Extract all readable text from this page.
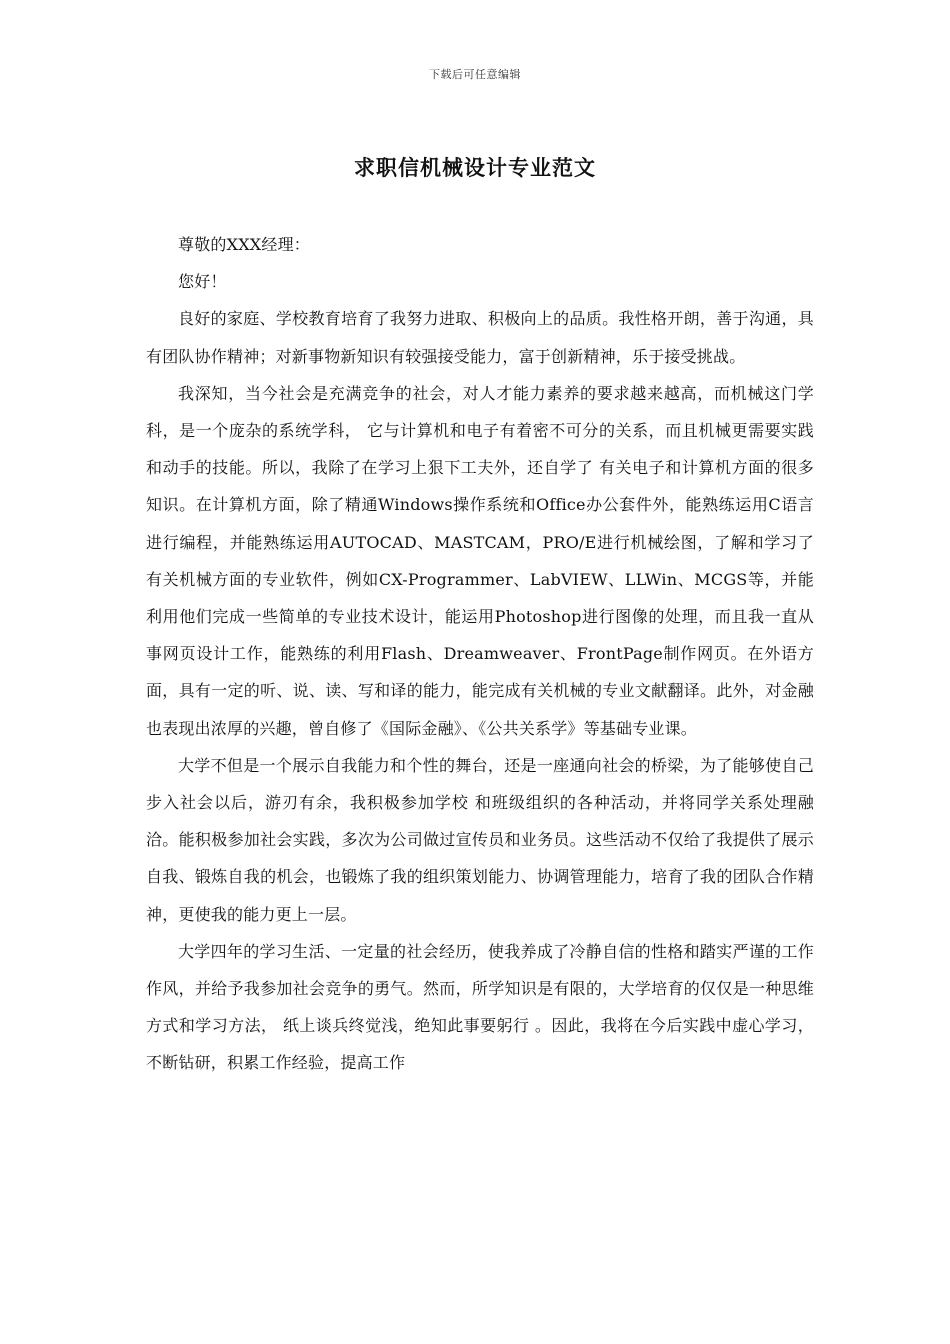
下载后可任意编辑
求职信机械设计专业范文

尊敬的XXX经理：

您好！

良好的家庭、学校教育培育了我努力进取、积极向上的品质。我性格开朗，善于沟通，具有团队协作精神；对新事物新知识有较强接受能力，富于创新精神，乐于接受挑战。

我深知，当今社会是充满竞争的社会，对人才能力素养的要求越来越高，而机械这门学科，是一个庞杂的系统学科， 它与计算机和电子有着密不可分的关系，而且机械更需要实践和动手的技能。所以，我除了在学习上狠下工夫外，还自学了 有关电子和计算机方面的很多知识。在计算机方面，除了精通Windows操作系统和Office办公套件外，能熟练运用C语言进行编程，并能熟练运用AUTOCAD、MASTCAM，PRO/E进行机械绘图，了解和学习了有关机械方面的专业软件，例如CX-Programmer、LabVIEW、LLWin、MCGS等，并能利用他们完成一些简单的专业技术设计，能运用Photoshop进行图像的处理，而且我一直从事网页设计工作，能熟练的利用Flash、Dreamweaver、FrontPage制作网页。在外语方面，具有一定的听、说、读、写和译的能力，能完成有关机械的专业文献翻译。此外，对金融也表现出浓厚的兴趣，曾自修了《国际金融》、《公共关系学》等基础专业课。

大学不但是一个展示自我能力和个性的舞台，还是一座通向社会的桥梁，为了能够使自己步入社会以后，游刃有余，我积极参加学校 和班级组织的各种活动，并将同学关系处理融洽。能积极参加社会实践，多次为公司做过宣传员和业务员。这些活动不仅给了我提供了展示自我、锻炼自我的机会，也锻炼了我的组织策划能力、协调管理能力，培育了我的团队合作精神，更使我的能力更上一层。

大学四年的学习生活、一定量的社会经历，使我养成了冷静自信的性格和踏实严谨的工作作风，并给予我参加社会竞争的勇气。然而，所学知识是有限的，大学培育的仅仅是一种思维方式和学习方法， 纸上谈兵终觉浅，绝知此事要躬行 。因此，我将在今后实践中虚心学习，不断钻研，积累工作经验，提高工作
